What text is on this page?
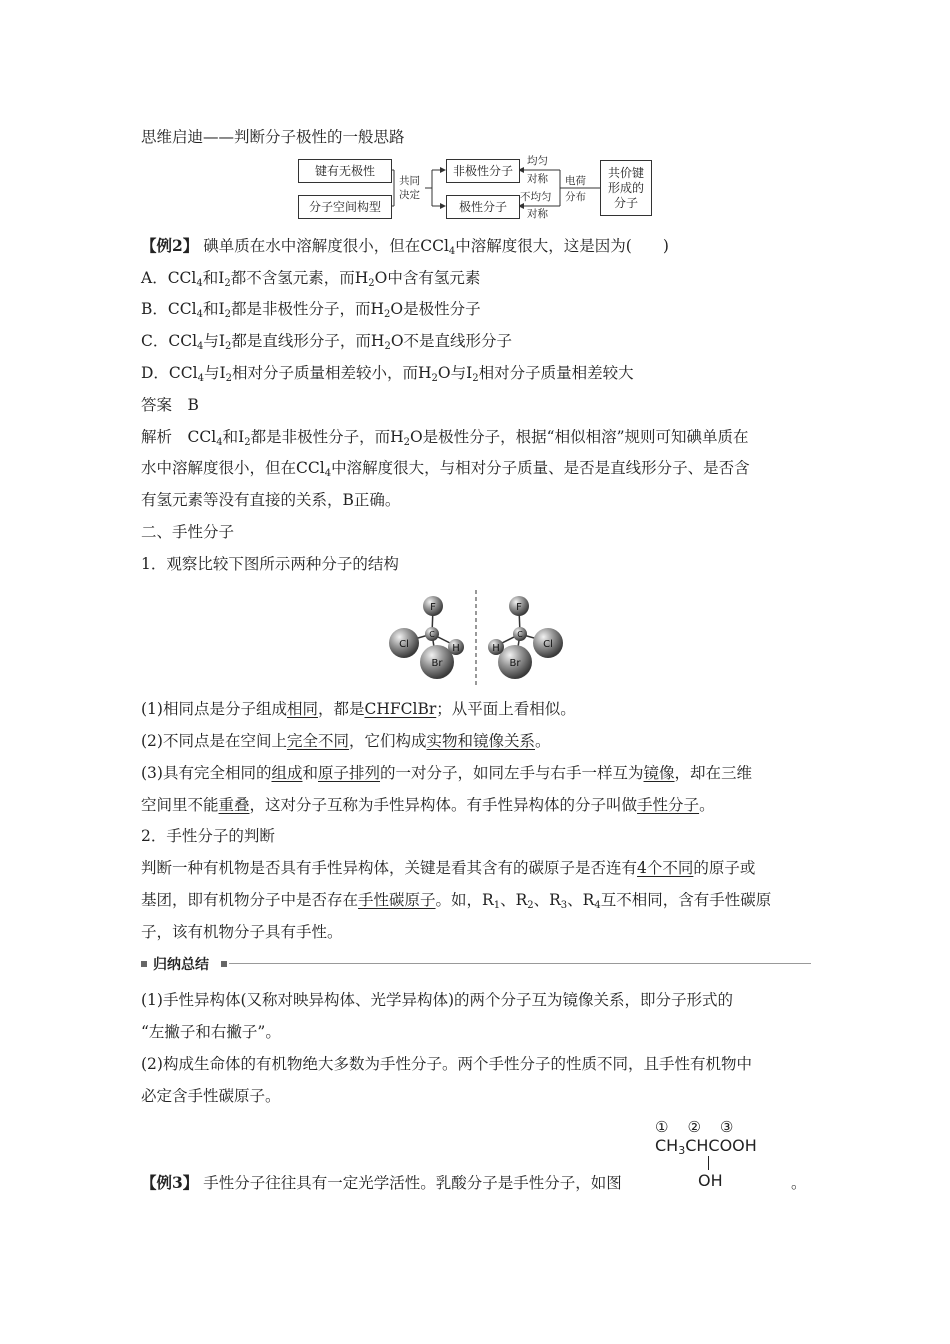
思维启迪——判断分子极性的一般思路
键有无极性
分子空间构型
共同
决定
非极性分子
极性分子
均匀
对称
不均匀
对称
电荷
分布
共价键形成的分子
【例2】 碘单质在水中溶解度很小，但在CCl$_4$中溶解度很大，这是因为(　　)
A．CCl$_4$和$I_2$都不含氢元素，而$H_2O$中含有氢元素
B．CCl$_4$和$I_2$都是非极性分子，而$H_2O$是极性分子
C．CCl$_4$与$I_2$都是直线形分子，而$H_2O$不是直线形分子
D．CCl$_4$与$I_2$相对分子质量相差较小，而$H_2O$与$I_2$相对分子质量相差较大
答案　B
解析　CCl$_4$和$I_2$都是非极性分子，而$H_2O$是极性分子，根据“相似相溶”规则可知碘单质在
水中溶解度很小，但在CCl$_4$中溶解度很大，与相对分子质量、是否是直线形分子、是否含
有氢元素等没有直接的关系，B正确。
二、手性分子
1．观察比较下图所示两种分子的结构
F
Cl
Br
H
C
F
Cl
Br
H
C
(1)相同点是分子组成相同，都是CHFClBr；从平面上看相似。
(2)不同点是在空间上完全不同，它们构成实物和镜像关系。
(3)具有完全相同的组成和原子排列的一对分子，如同左手与右手一样互为镜像，却在三维
空间里不能重叠，这对分子互称为手性异构体。有手性异构体的分子叫做手性分子。
2．手性分子的判断
判断一种有机物是否具有手性异构体，关键是看其含有的碳原子是否连有4个不同的原子或
基团，即有机物分子中是否存在手性碳原子。如，$R_1$、$R_2$、$R_3$、$R_4$互不相同，含有手性碳原
子，该有机物分子具有手性。
归纳总结
(1)手性异构体(又称对映异构体、光学异构体)的两个分子互为镜像关系，即分子形式的
“左撇子和右撇子”。
(2)构成生命体的有机物绝大多数为手性分子。两个手性分子的性质不同，且手性有机物中
必定含手性碳原子。
【例3】 手性分子往往具有一定光学活性。乳酸分子是手性分子，如图
①　②　③
$CH_3CHCOOH$
OH	。
